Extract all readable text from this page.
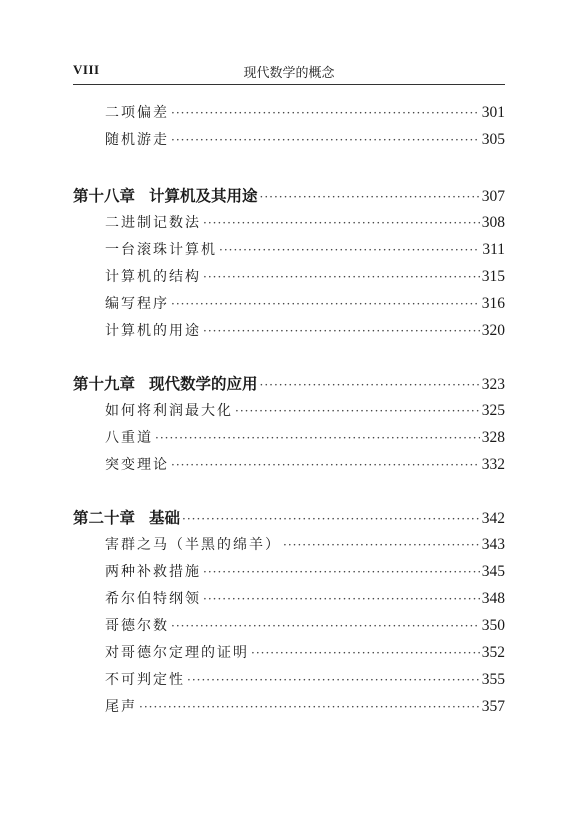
VIII	现代数学的概念
二项偏差 ·····	301
随机游走 ·····	305
第十八章 计算机及其用途 ·····	307
二进制记数法 ·····	308
一台滚珠计算机 ·····	311
计算机的结构 ·····	315
编写程序 ·····	316
计算机的用途 ·····	320
第十九章 现代数学的应用 ·····	323
如何将利润最大化 ·····	325
八重道 ·····	328
突变理论 ·····	332
第二十章 基础 ·····	342
害群之马（半黑的绵羊） ·····	343
两种补救措施 ·····	345
希尔伯特纲领 ·····	348
哥德尔数 ·····	350
对哥德尔定理的证明 ·····	352
不可判定性 ·····	355
尾声 ·····	357
